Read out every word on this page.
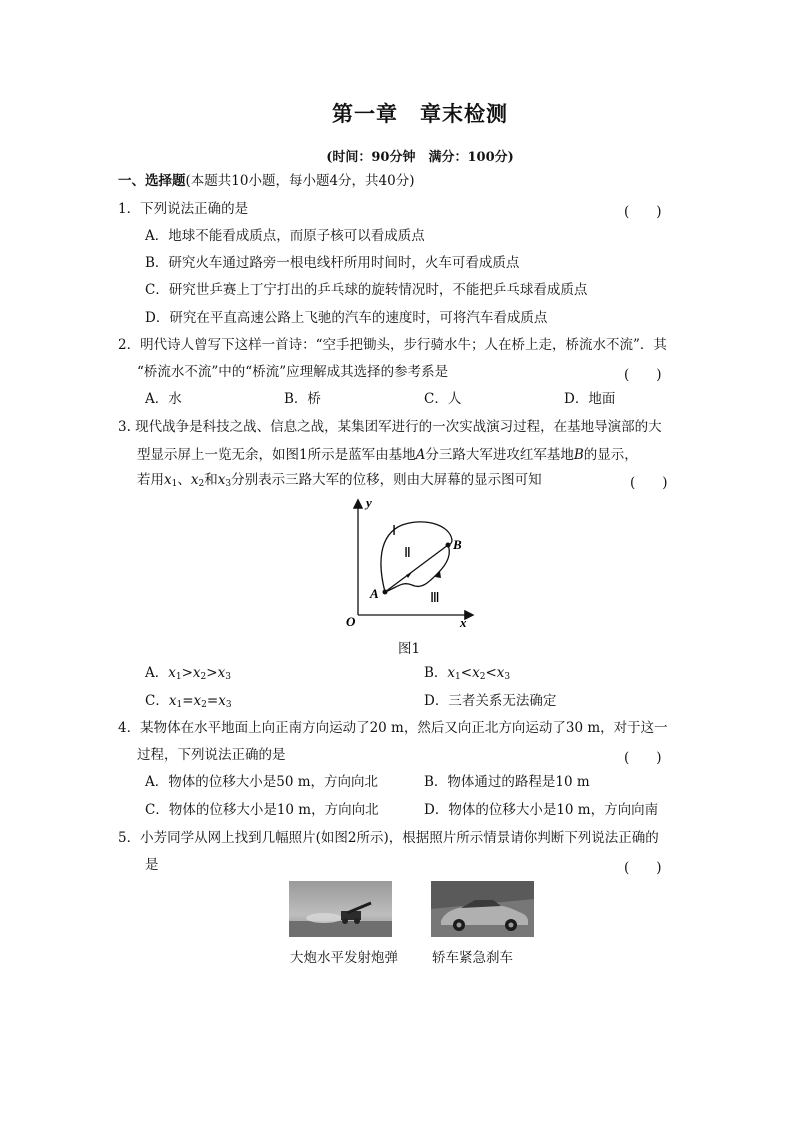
第一章　章末检测
(时间：90分钟　满分：100分)
一、选择题(本题共10小题，每小题4分，共40分)
1．下列说法正确的是	(　　)
A．地球不能看成质点，而原子核可以看成质点
B．研究火车通过路旁一根电线杆所用时间时，火车可看成质点
C．研究世乒赛上丁宁打出的乒乓球的旋转情况时，不能把乒乓球看成质点
D．研究在平直高速公路上飞驰的汽车的速度时，可将汽车看成质点
2．明代诗人曾写下这样一首诗：“空手把锄头，步行骑水牛；人在桥上走，桥流水不流”．其
“桥流水不流”中的“桥流”应理解成其选择的参考系是	(　　)
A．水	B．桥	C．人	D．地面
3. 现代战争是科技之战、信息之战，某集团军进行的一次实战演习过程，在基地导演部的大
型显示屏上一览无余，如图1所示是蓝军由基地A分三路大军进攻红军基地B的显示，
若用$x_1$、$x_2$和$x_3$分别表示三路大军的位移，则由大屏幕的显示图可知	(　　)
y
x
O
A
B
Ⅰ
Ⅱ
Ⅲ
图1
A．$x_1>x_2>x_3$	B．$x_1<x_2<x_3$
C．$x_1=x_2=x_3$	D．三者关系无法确定
4．某物体在水平地面上向正南方向运动了20 m，然后又向正北方向运动了30 m，对于这一
过程，下列说法正确的是	(　　)
A．物体的位移大小是50 m，方向向北	B．物体通过的路程是10 m
C．物体的位移大小是10 m，方向向北	D．物体的位移大小是10 m，方向向南
5．小芳同学从网上找到几幅照片(如图2所示)，根据照片所示情景请你判断下列说法正确的
是	(　　)
大炮水平发射炮弹	轿车紧急刹车
